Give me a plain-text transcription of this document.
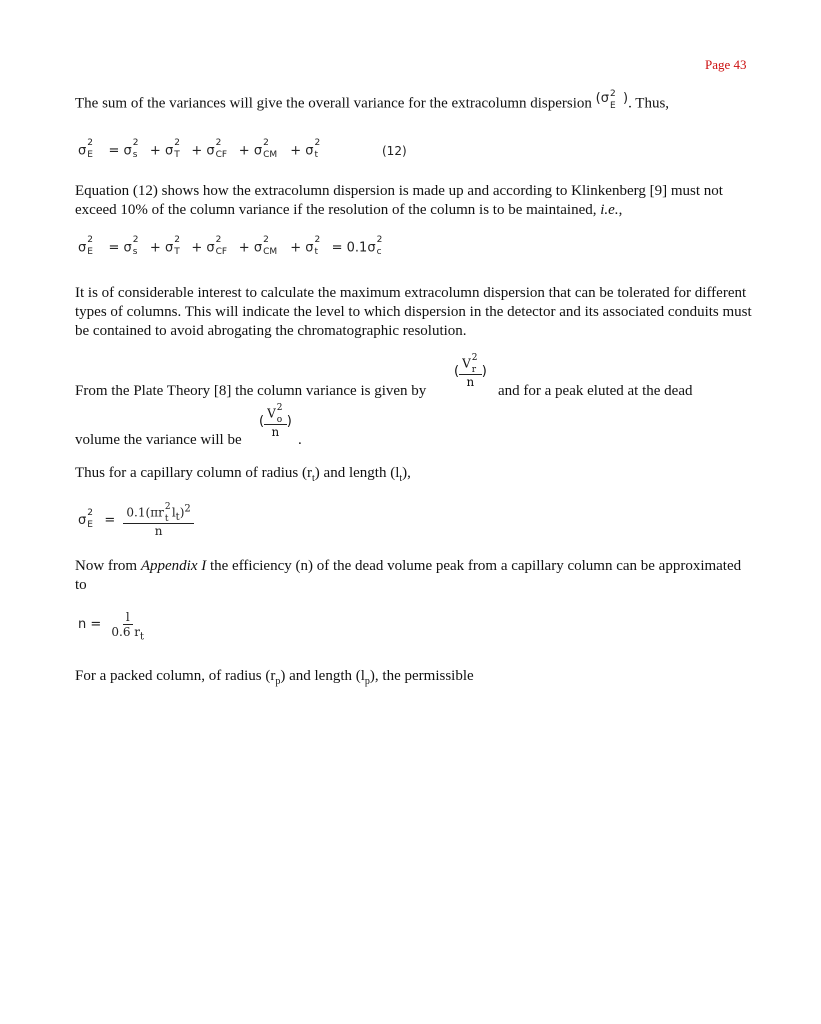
Page 43
The sum of the variances will give the overall variance for the extracolumn dispersion (σ 2
E
). Thus,
σ
2
E = σ
2
s + σ
2
T + σ
2
CF + σ
2
CM + σ
2
t	(12)
Equation (12) shows how the extracolumn dispersion is made up and according to Klinkenberg [9] must not exceed 10% of the column variance if the resolution of the column is to be maintained, i.e.,
σ
2
E = σ
2
s + σ
2
T + σ
2
CF + σ
2
CM + σ
2
t = 0.1σ
2
c
It is of considerable interest to calculate the maximum extracolumn dispersion that can be tolerated for different types of columns. This will indicate the level to which dispersion in the detector and its associated conduits must be contained to avoid abrogating the chromatographic resolution.
From the Plate Theory [8] the column variance is given by
( V 2
r
n )
and for a peak eluted at the dead
volume the variance will be
( V 2
o
n )
.
Thus for a capillary column of radius $(r_t)$ and length $(l_t)$,
σ
2
E = 0.1(πr 2
t $l_t)^2$
n
Now from Appendix I the efficiency (n) of the dead volume peak from a capillary column can be approximated to
$n = \frac{l}{0.6 r_t}$
For a packed column, of radius $(r_p)$ and length $(l_p)$, the permissible
